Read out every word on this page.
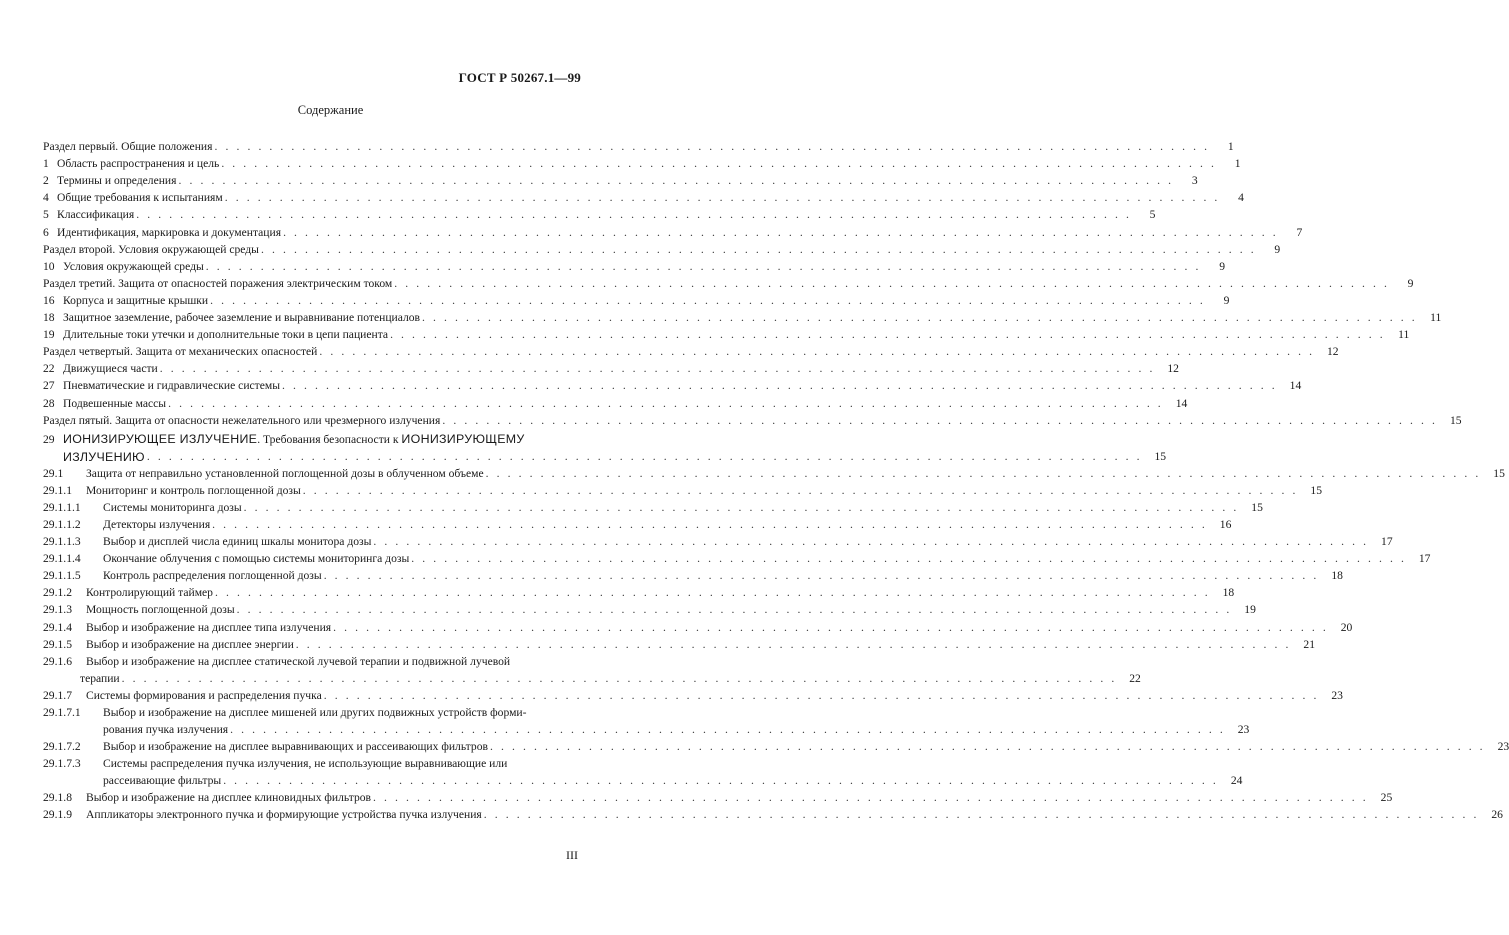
ГОСТ Р 50267.1—99
Содержание
Раздел первый. Общие положения . . .	1
1 Область распространения и цель . . .	1
2 Термины и определения . . .	3
4 Общие требования к испытаниям . . .	4
5 Классификация . . .	5
6 Идентификация, маркировка и документация . . .	7
Раздел второй. Условия окружающей среды . . .	9
10 Условия окружающей среды . . .	9
Раздел третий. Защита от опасностей поражения электрическим током . . .	9
16 Корпуса и защитные крышки . . .	9
18 Защитное заземление, рабочее заземление и выравнивание потенциалов . . .	11
19 Длительные токи утечки и дополнительные токи в цепи пациента . . .	11
Раздел четвертый. Защита от механических опасностей . . .	12
22 Движущиеся части . . .	12
27 Пневматические и гидравлические системы . . .	14
28 Подвешенные массы . . .	14
Раздел пятый. Защита от опасности нежелательного или чрезмерного излучения . . .	15
29 ИОНИЗИРУЮЩЕЕ ИЗЛУЧЕНИЕ. Требования безопасности к ИОНИЗИРУЮЩЕМУ
ИЗЛУЧЕНИЮ . . .	15
29.1	Защита от неправильно установленной поглощенной дозы в облученном объеме . . .	15
29.1.1	Мониторинг и контроль поглощенной дозы . . .	15
29.1.1.1	Системы мониторинга дозы . . .	15
29.1.1.2	Детекторы излучения . . .	16
29.1.1.3	Выбор и дисплей числа единиц шкалы монитора дозы . . .	17
29.1.1.4	Окончание облучения с помощью системы мониторинга дозы . . .	17
29.1.1.5	Контроль распределения поглощенной дозы . . .	18
29.1.2	Контролирующий таймер . . .	18
29.1.3	Мощность поглощенной дозы . . .	19
29.1.4	Выбор и изображение на дисплее типа излучения . . .	20
29.1.5	Выбор и изображение на дисплее энергии . . .	21
29.1.6	Выбор и изображение на дисплее статической лучевой терапии и подвижной лучевой
терапии . . .	22
29.1.7	Системы формирования и распределения пучка . . .	23
29.1.7.1	Выбор и изображение на дисплее мишеней или других подвижных устройств форми-
рования пучка излучения . . .	23
29.1.7.2	Выбор и изображение на дисплее выравнивающих и рассеивающих фильтров . . .	23
29.1.7.3	Системы распределения пучка излучения, не использующие выравнивающие или
рассеивающие фильтры . . .	24
29.1.8	Выбор и изображение на дисплее клиновидных фильтров . . .	25
29.1.9	Аппликаторы электронного пучка и формирующие устройства пучка излучения . . .	26
III
